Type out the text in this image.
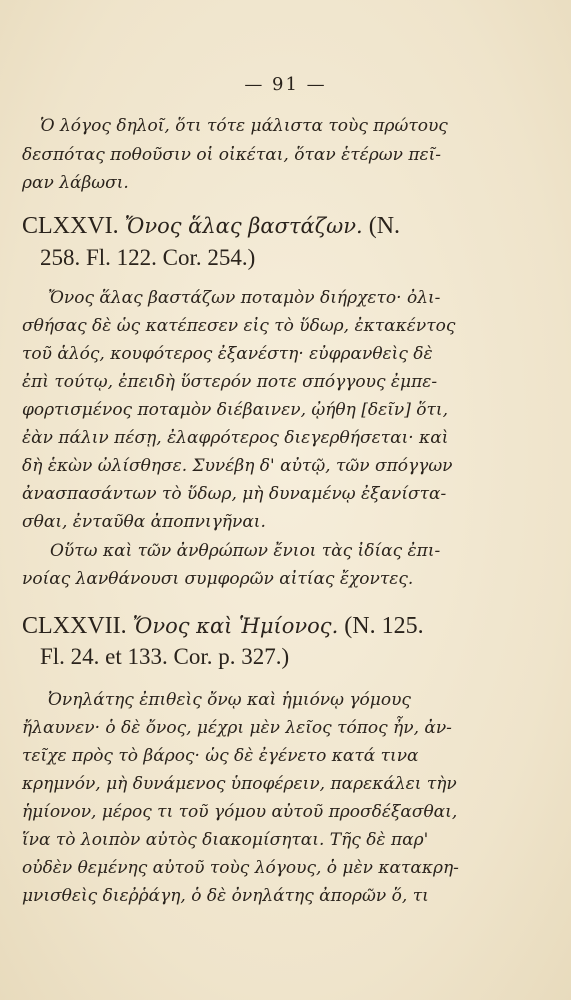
— 91 —
Ὁ λόγος δηλοῖ, ὅτι τότε μάλιστα τοὺς πρώτους
δεσπότας ποθοῦσιν οἱ οἰκέται, ὅταν ἑτέρων πεῖ-
ραν λάβωσι.
CLXXVI. Ὄνος ἅλας βαστάζων. (N.
258. Fl. 122. Cor. 254.)
Ὄνος ἅλας βαστάζων ποταμὸν διήρχετο· ὀλι-
σθήσας δὲ ὡς κατέπεσεν εἰς τὸ ὕδωρ, ἐκτακέντος
τοῦ ἁλός, κουφότερος ἐξανέστη· εὐφρανθεὶς δὲ
ἐπὶ τούτῳ, ἐπειδὴ ὕστερόν ποτε σπόγγους ἐμπε-
φορτισμένος ποταμὸν διέβαινεν, ᾠήθη [δεῖν] ὅτι,
ἐὰν πάλιν πέσῃ, ἐλαφρότερος διεγερθήσεται· καὶ
δὴ ἑκὼν ὠλίσθησε. Συνέβη δ' αὐτῷ, τῶν σπόγγων
ἀνασπασάντων τὸ ὕδωρ, μὴ δυναμένῳ ἐξανίστα-
σθαι, ἐνταῦθα ἀποπνιγῆναι.
Οὕτω καὶ τῶν ἀνθρώπων ἔνιοι τὰς ἰδίας ἐπι-
νοίας λανθάνουσι συμφορῶν αἰτίας ἔχοντες.
CLXXVII. Ὄνος καὶ Ἡμίονος. (N. 125.
Fl. 24. et 133. Cor. p. 327.)
Ὀνηλάτης ἐπιθεὶς ὄνῳ καὶ ἡμιόνῳ γόμους
ἤλαυνεν· ὁ δὲ ὄνος, μέχρι μὲν λεῖος τόπος ἦν, ἀν-
τεῖχε πρὸς τὸ βάρος· ὡς δὲ ἐγένετο κατά τινα
κρημνόν, μὴ δυνάμενος ὑποφέρειν, παρεκάλει τὴν
ἡμίονον, μέρος τι τοῦ γόμου αὐτοῦ προσδέξασθαι,
ἵνα τὸ λοιπὸν αὐτὸς διακομίσηται. Τῆς δὲ παρ'
οὐδὲν θεμένης αὐτοῦ τοὺς λόγους, ὁ μὲν κατακρη-
μνισθεὶς διεῤῥάγη, ὁ δὲ ὀνηλάτης ἀπορῶν ὅ, τι
